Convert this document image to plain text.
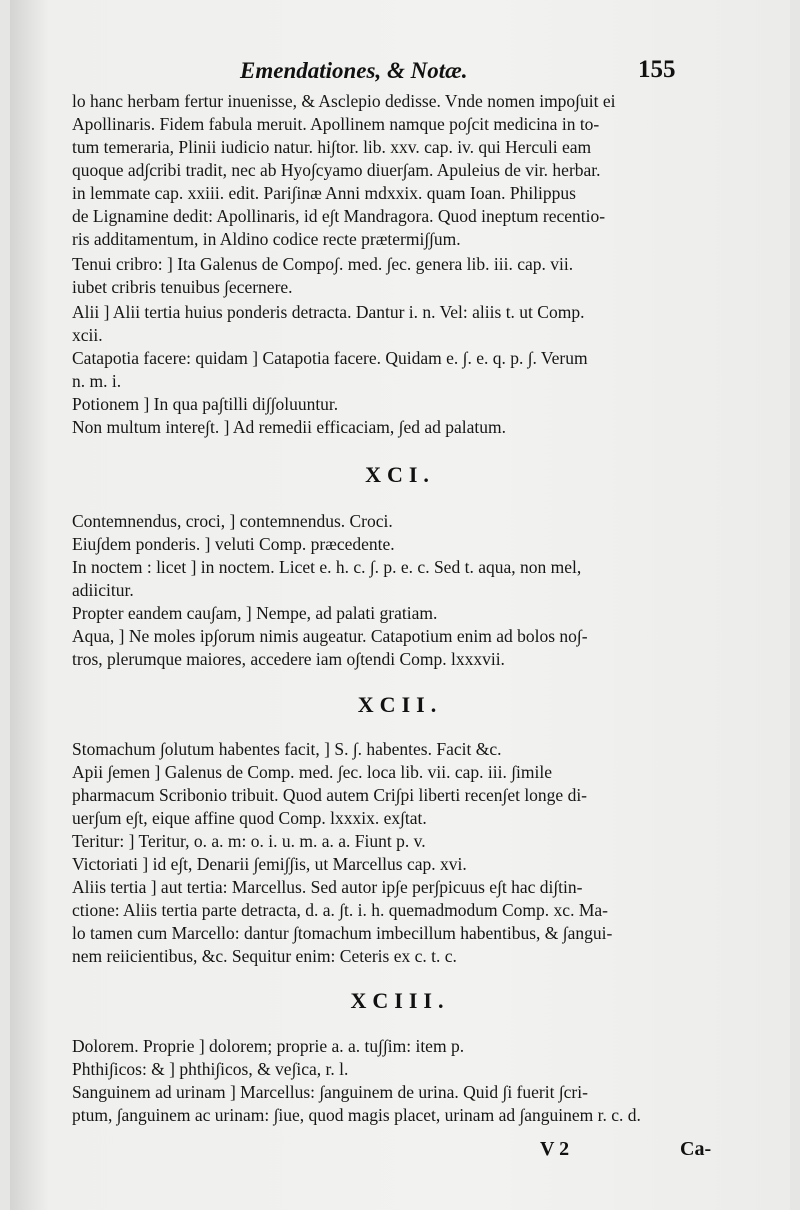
Emendationes, & Notæ.	155
lo hanc herbam fertur inuenisse, & Asclepio dedisse. Vnde nomen impo∫uit ei
Apollinaris. Fidem fabula meruit. Apollinem namque po∫cit medicina in to-
tum temeraria, Plinii iudicio natur. hi∫tor. lib. xxv. cap. iv. qui Herculi eam
quoque ad∫cribi tradit, nec ab Hyo∫cyamo diuer∫am. Apuleius de vir. herbar.
in lemmate cap. xxiii. edit. Pari∫inæ Anni mdxxix. quam Ioan. Philippus
de Lignamine dedit: Apollinaris, id e∫t Mandragora. Quod ineptum recentio-
ris additamentum, in Aldino codice recte prætermi∫∫um.
Tenui cribro: ] Ita Galenus de Compo∫. med. ∫ec. genera lib. iii. cap. vii.
iubet cribris tenuibus ∫ecernere.
Alii ] Alii tertia huius ponderis detracta. Dantur i. n. Vel: aliis t. ut Comp.
xcii.
Catapotia facere: quidam ] Catapotia facere. Quidam e. ∫. e. q. p. ∫. Verum
n. m. i.
Potionem ] In qua pa∫tilli di∫∫oluuntur.
Non multum intere∫t. ] Ad remedii efficaciam, ∫ed ad palatum.
XCI.
Contemnendus, croci, ] contemnendus. Croci.
Eiu∫dem ponderis. ] veluti Comp. præcedente.
In noctem : licet ] in noctem. Licet e. h. c. ∫. p. e. c. Sed t. aqua, non mel,
adiicitur.
Propter eandem cau∫am, ] Nempe, ad palati gratiam.
Aqua, ] Ne moles ip∫orum nimis augeatur. Catapotium enim ad bolos no∫-
tros, plerumque maiores, accedere iam o∫tendi Comp. lxxxvii.
XCII.
Stomachum ∫olutum habentes facit, ] S. ∫. habentes. Facit &c.
Apii ∫emen ] Galenus de Comp. med. ∫ec. loca lib. vii. cap. iii. ∫imile
pharmacum Scribonio tribuit. Quod autem Cri∫pi liberti recen∫et longe di-
uer∫um e∫t, eique affine quod Comp. lxxxix. ex∫tat.
Teritur: ] Teritur, o. a. m: o. i. u. m. a. a. Fiunt p. v.
Victoriati ] id e∫t, Denarii ∫emi∫∫is, ut Marcellus cap. xvi.
Aliis tertia ] aut tertia: Marcellus. Sed autor ip∫e per∫picuus e∫t hac di∫tin-
ctione: Aliis tertia parte detracta, d. a. ∫t. i. h. quemadmodum Comp. xc. Ma-
lo tamen cum Marcello: dantur ∫tomachum imbecillum habentibus, & ∫angui-
nem reiicientibus, &c. Sequitur enim: Ceteris ex c. t. c.
XCIII.
Dolorem. Proprie ] dolorem; proprie a. a. tu∫∫im: item p.
Phthi∫icos: & ] phthi∫icos, & ve∫ica, r. l.
Sanguinem ad urinam ] Marcellus: ∫anguinem de urina. Quid ∫i fuerit ∫cri-
ptum, ∫anguinem ac urinam: ∫iue, quod magis placet, urinam ad ∫anguinem r. c. d.
V 2	Ca-
